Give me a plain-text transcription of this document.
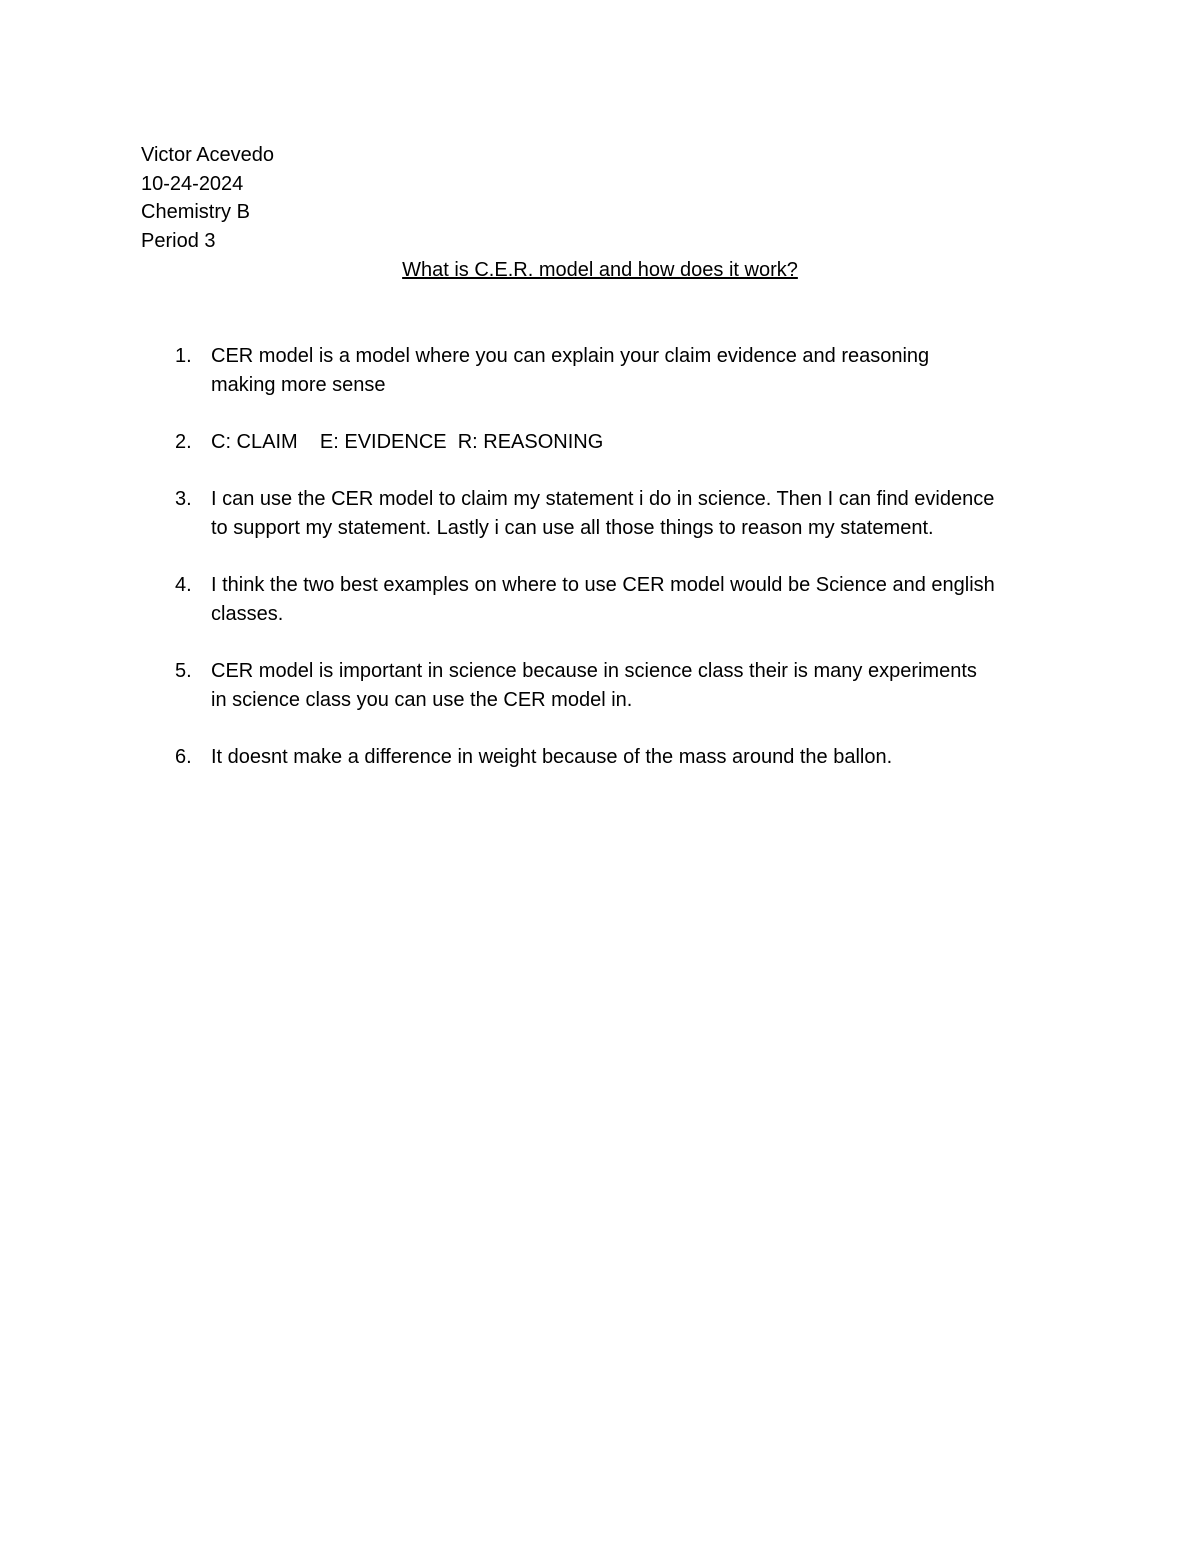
Victor Acevedo
10-24-2024
Chemistry B
Period 3
What is C.E.R. model and how does it work?
1. CER model is a model where you can explain your claim evidence and reasoning
making more sense
2. C: CLAIM    E: EVIDENCE  R: REASONING
3. I can use the CER model to claim my statement i do in science. Then I can find evidence
to support my statement. Lastly i can use all those things to reason my statement.
4. I think the two best examples on where to use CER model would be Science and english
classes.
5. CER model is important in science because in science class their is many experiments
in science class you can use the CER model in.
6. It doesnt make a difference in weight because of the mass around the ballon.
